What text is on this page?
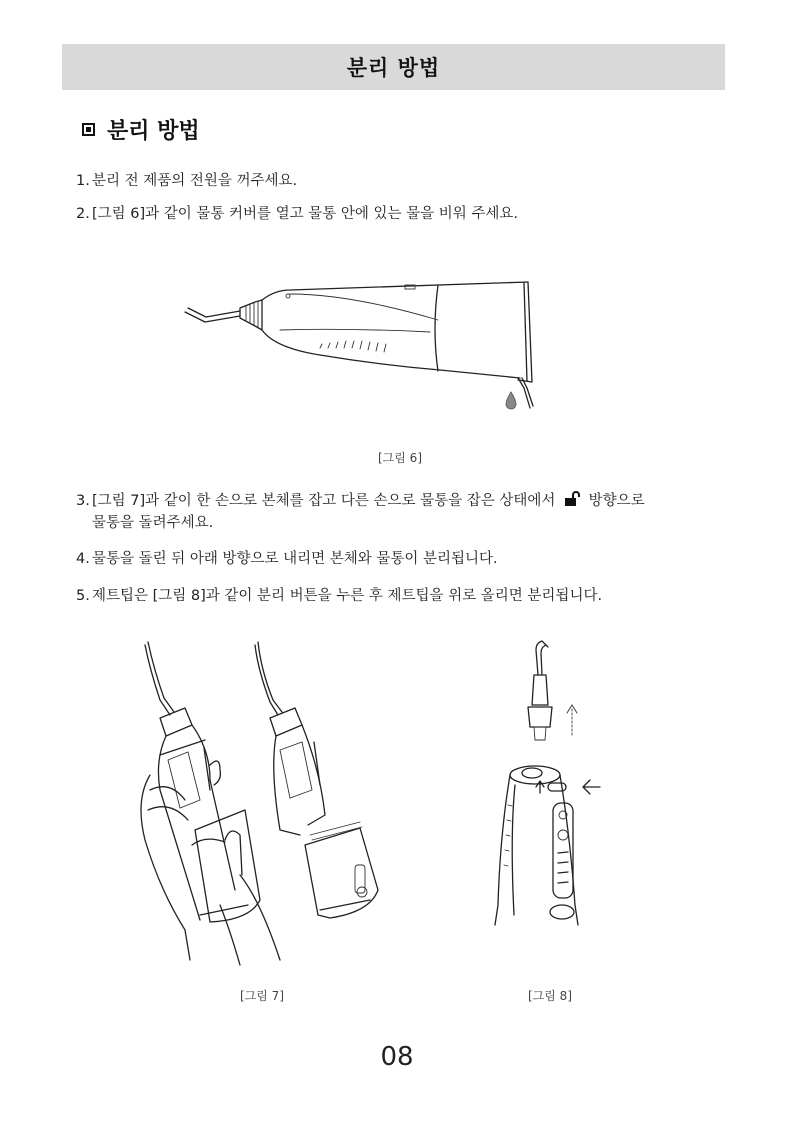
분리 방법
분리 방법
1. 분리 전 제품의 전원을 꺼주세요.
2. [그림 6]과 같이 물통 커버를 열고 물통 안에 있는 물을 비워 주세요.
[그림 6]
3. [그림 7]과 같이 한 손으로 본체를 잡고 다른 손으로 물통을 잡은 상태에서 방향으로
물통을 돌려주세요.
4. 물통을 돌린 뒤 아래 방향으로 내리면 본체와 물통이 분리됩니다.
5. 제트팁은 [그림 8]과 같이 분리 버튼을 누른 후 제트팁을 위로 올리면 분리됩니다.
[그림 7]	[그림 8]
08
